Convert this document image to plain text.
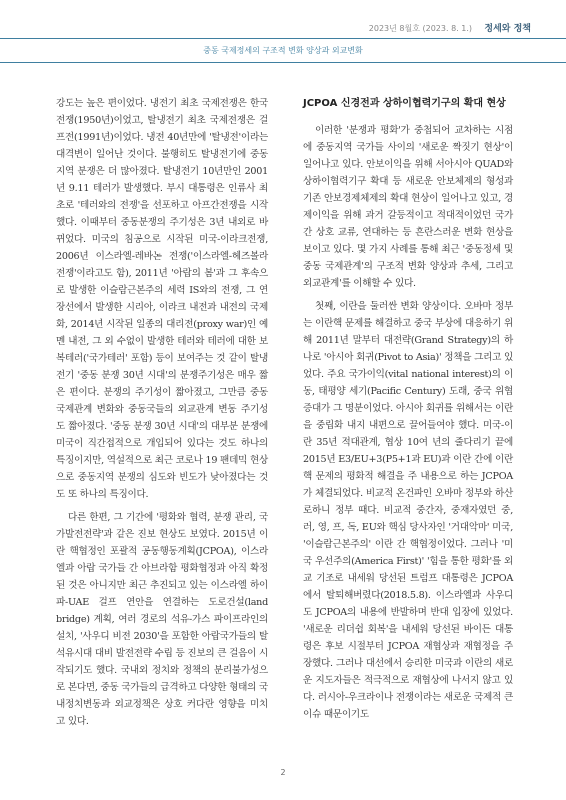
2023년 8월호 (2023. 8. 1.) 정세와 정책
중동 국제정세의 구조적 변화 양상과 외교변화

강도는 높은 편이었다. 냉전기 최초 국제전쟁은 한국전쟁(1950년)이었고, 탈냉전기 최초 국제전쟁은 걸프전(1991년)이었다. 냉전 40년만에 '탈냉전'이라는 대격변이 일어난 것이다. 불행히도 탈냉전기에 중동지역 분쟁은 더 많아졌다. 탈냉전기 10년만인 2001년 9.11 테러가 발생했다. 부시 대통령은 인류사 최초로 '테러와의 전쟁'을 선포하고 아프간전쟁을 시작했다. 이때부터 중동분쟁의 주기성은 3년 내외로 바뀌었다. 미국의 침공으로 시작된 미국-이라크전쟁, 2006년 이스라엘-레바논 전쟁('이스라엘-헤즈볼라 전쟁'이라고도 함), 2011년 '아랍의 봄'과 그 후속으로 발생한 이슬람근본주의 세력 IS와의 전쟁, 그 연장선에서 발생한 시리아, 이라크 내전과 내전의 국제화, 2014년 시작된 일종의 대리전(proxy war)인 예멘 내전, 그 외 수없이 발생한 테러와 테러에 대한 보복테러('국가테러' 포함) 등이 보여주는 것 같이 탈냉전기 '중동 분쟁 30년 시대'의 분쟁주기성은 매우 짧은 편이다. 분쟁의 주기성이 짧아졌고, 그만큼 중동 국제관계 변화와 중동국들의 외교관계 변동 주기성도 짧아졌다. '중동 분쟁 30년 시대'의 대부분 분쟁에 미국이 직간접적으로 개입되어 있다는 것도 하나의 특징이지만, 역설적으로 최근 코로나 19 팬데믹 현상으로 중동지역 분쟁의 심도와 빈도가 낮아졌다는 것도 또 하나의 특징이다.

다른 한편, 그 기간에 '평화와 협력, 분쟁 관리, 국가발전전략'과 같은 진보 현상도 보였다. 2015년 이란 핵협정인 포괄적 공동행동계획(JCPOA), 이스라엘과 아랍 국가들 간 아브라함 평화협정과 아직 확정된 것은 아니지만 최근 추진되고 있는 이스라엘 하이파-UAE 걸프 연안을 연결하는 도로건설(land bridge) 계획, 여러 경로의 석유-가스 파이프라인의 설치, '사우디 비전 2030'을 포함한 아랍국가들의 탈석유시대 대비 발전전략 수립 등 진보의 큰 걸음이 시작되기도 했다. 국내외 정치와 정책의 분리불가성으로 본다면, 중동 국가들의 급격하고 다양한 형태의 국내정치변동과 외교정책은 상호 커다란 영향을 미치고 있다.

JCPOA 신경전과 상하이협력기구의 확대 현상

이러한 '분쟁과 평화'가 중첩되어 교차하는 시점에 중동지역 국가들 사이의 '새로운 짝짓기 현상'이 일어나고 있다. 안보이익을 위해 서아시아 QUAD와 상하이협력기구 확대 등 새로운 안보체제의 형성과 기존 안보경제체제의 확대 현상이 일어나고 있고, 경제이익을 위해 과거 갈등적이고 적대적이었던 국가 간 상호 교류, 연대하는 등 흔란스러운 변화 현상을 보이고 있다. 몇 가지 사례를 통해 최근 '중동정세 및 중동 국제관계'의 구조적 변화 양상과 추세, 그리고 외교관계'를 이해할 수 있다.

첫째, 이란을 둘러싼 변화 양상이다. 오바마 정부는 이란핵 문제를 해결하고 중국 부상에 대응하기 위해 2011년 말부터 대전략(Grand Strategy)의 하나로 '아시아 회귀(Pivot to Asia)' 정책을 그리고 있었다. 주요 국가이익(vital national interest)의 이동, 태평양 세기(Pacific Century) 도래, 중국 위협 증대가 그 명분이었다. 아시아 회귀를 위해서는 이란을 중립화 내지 내편으로 끌어들여야 했다. 미국-이란 35년 적대관계, 협상 10여 년의 줄다리기 끝에 2015년 E3/EU+3(P5+1과 EU)과 이란 간에 이란핵 문제의 평화적 해결을 주 내용으로 하는 JCPOA가 체결되었다. 비교적 온건파인 오바마 정부와 하산 로하니 정부 때다. 비교적 중간자, 중재자였던 중, 러, 영, 프, 독, EU와 핵심 당사자인 '거대악마' 미국, '이슬람근본주의' 이란 간 핵협정이었다. 그러나 '미국 우선주의(America First)' '힘을 통한 평화'를 외교 기조로 내세워 당선된 트럼프 대통령은 JCPOA에서 탈퇴해버렸다(2018.5.8). 이스라엘과 사우디도 JCPOA의 내용에 반발하며 반대 입장에 있었다. '새로운 리더쉽 회복'을 내세워 당선된 바이든 대통령은 후보 시절부터 JCPOA 재협상과 재협정을 주장했다. 그러나 대선에서 승리한 미국과 이란의 새로운 지도자들은 적극적으로 재협상에 나서지 않고 있다. 러시아-우크라이나 전쟁이라는 새로운 국제적 큰 이슈 때문이기도

2
